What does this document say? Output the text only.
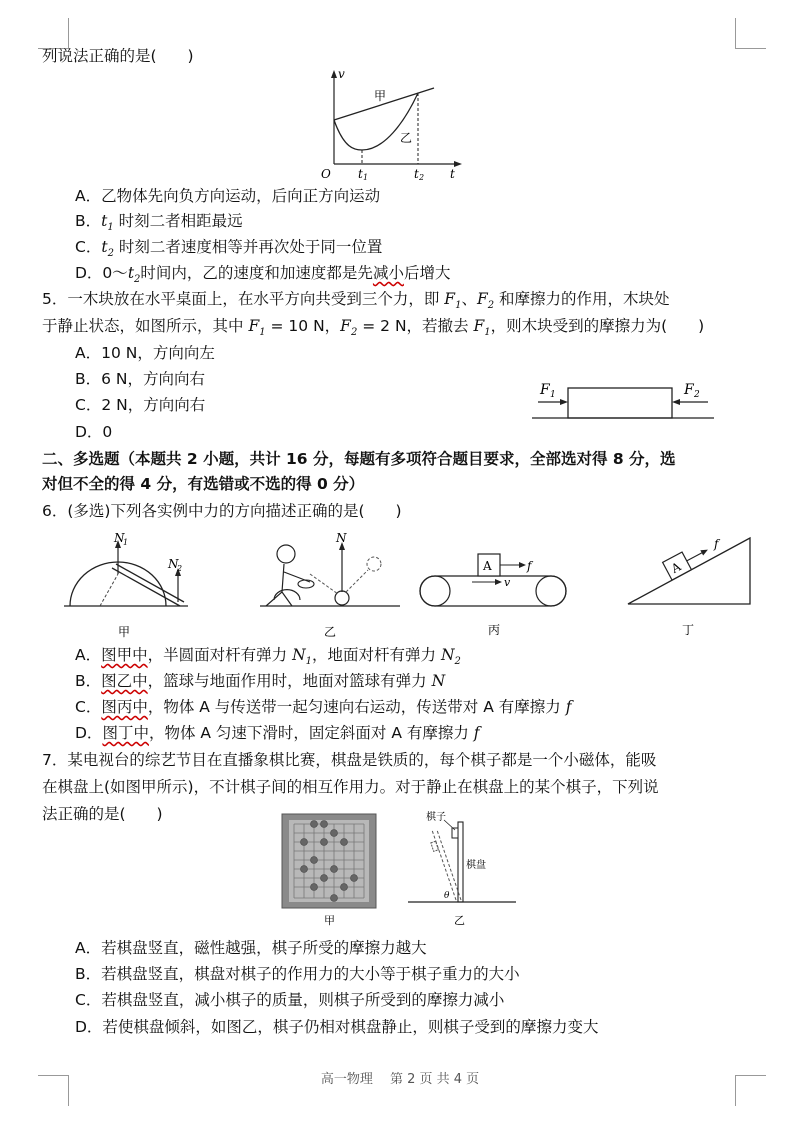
列说法正确的是(　　)
v
t
O t 1	t 2
甲
乙
A．乙物体先向负方向运动，后向正方向运动
B．$t_1$ 时刻二者相距最远
C．$t_2$ 时刻二者速度相等并再次处于同一位置
D．$0\sim t_2$时间内，乙的速度和加速度都是先减小后增大
5．一木块放在水平桌面上，在水平方向共受到三个力，即 $F_1$、$F_2$ 和摩擦力的作用，木块处
于静止状态，如图所示，其中 $F_1 = 10$ N，$F_2 = 2$ N，若撤去 $F_1$，则木块受到的摩擦力为(　　)
A．10 N，方向向左
B．6 N，方向向右
C．2 N，方向向右
D．0
F 1	F 2
二、多选题（本题共 2 小题，共计 16 分，每题有多项符合题目要求，全部选对得 8 分，选
对但不全的得 4 分，有选错或不选的得 0 分）
6．(多选)下列各实例中力的方向描述正确的是(　　)
N
1
N
2
甲
N
乙
A	f
v
丙
A
f
丁
A．图甲中，半圆面对杆有弹力 $N_1$，地面对杆有弹力 $N_2$
B．图乙中，篮球与地面作用时，地面对篮球有弹力 N
C．图丙中，物体 A 与传送带一起匀速向右运动，传送带对 A 有摩擦力 f
D．图丁中，物体 A 匀速下滑时，固定斜面对 A 有摩擦力 f
7．某电视台的综艺节目在直播象棋比赛，棋盘是铁质的，每个棋子都是一个小磁体，能吸
在棋盘上(如图甲所示)，不计棋子间的相互作用力。对于静止在棋盘上的某个棋子，下列说
法正确的是(　　)
甲
棋子
棋盘
θ
乙
A．若棋盘竖直，磁性越强，棋子所受的摩擦力越大
B．若棋盘竖直，棋盘对棋子的作用力的大小等于棋子重力的大小
C．若棋盘竖直，减小棋子的质量，则棋子所受到的摩擦力减小
D．若使棋盘倾斜，如图乙，棋子仍相对棋盘静止，则棋子受到的摩擦力变大
高一物理　 第 2 页 共 4 页
